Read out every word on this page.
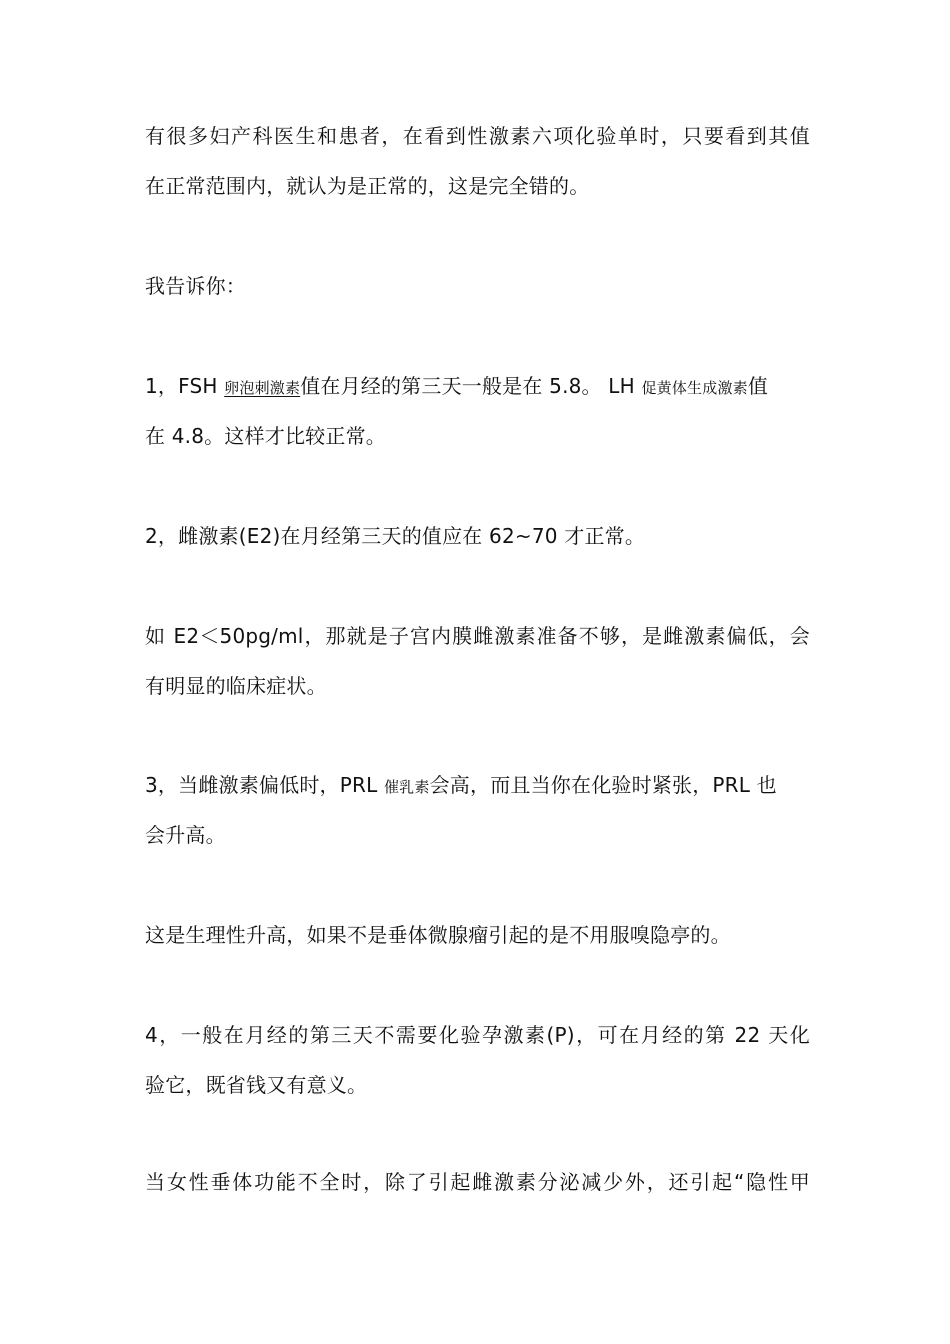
有很多妇产科医生和患者，在看到性激素六项化验单时，只要看到其值
在正常范围内，就认为是正常的，这是完全错的。
我告诉你：
1，FSH 卵泡刺激素值在月经的第三天一般是在 5.8。 LH 促黄体生成激素值
在 4.8。这样才比较正常。
2，雌激素(E2)在月经第三天的值应在 62~70 才正常。
如 E2＜50pg/ml，那就是子宫内膜雌激素准备不够，是雌激素偏低，会
有明显的临床症状。
3，当雌激素偏低时，PRL 催乳素会高，而且当你在化验时紧张，PRL 也
会升高。
这是生理性升高，如果不是垂体微腺瘤引起的是不用服嗅隐亭的。
4，一般在月经的第三天不需要化验孕激素(P)，可在月经的第 22 天化
验它，既省钱又有意义。
当女性垂体功能不全时，除了引起雌激素分泌减少外，还引起“隐性甲
